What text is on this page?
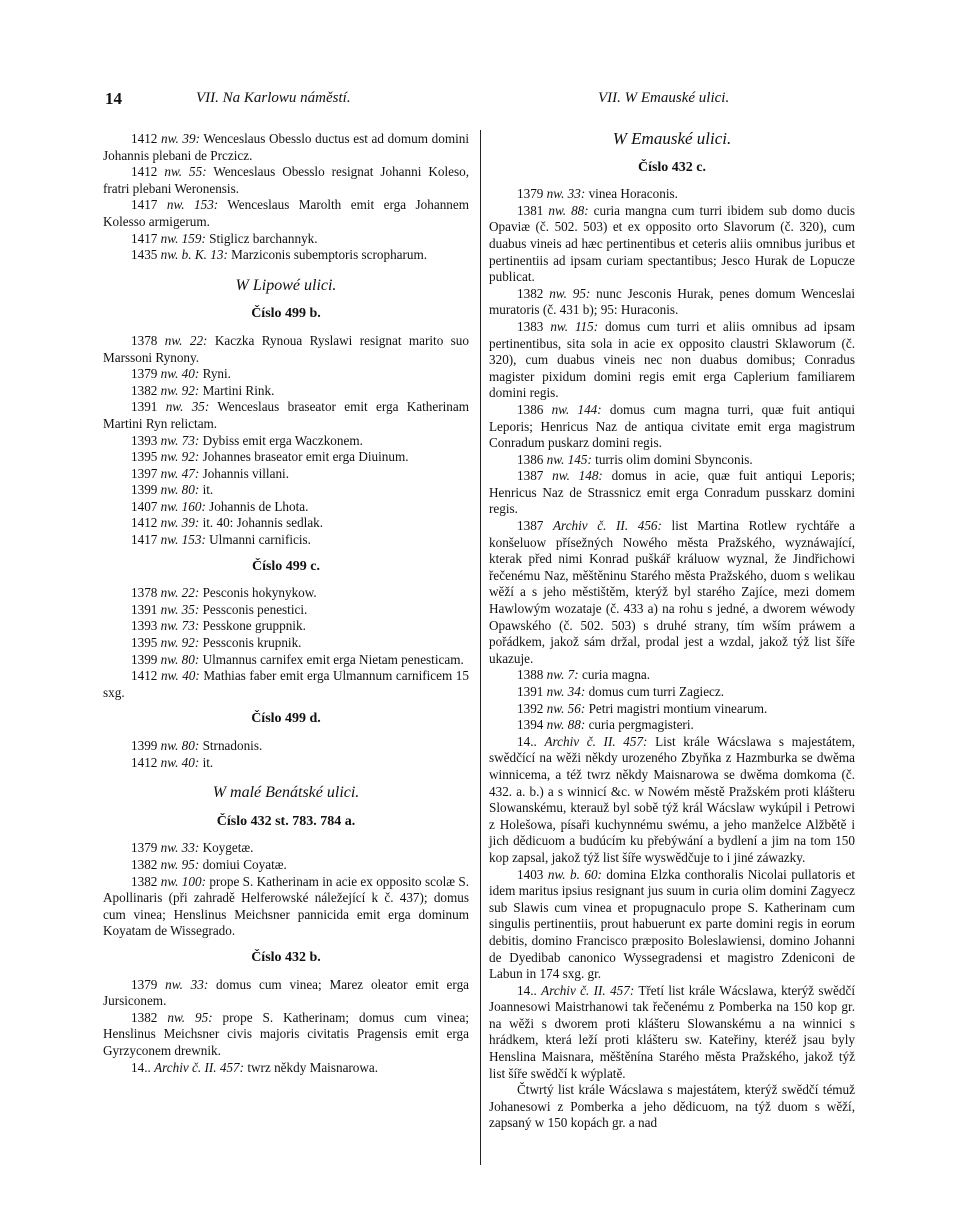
14	VII. Na Karlowu náměstí.	VII. W Emauské ulici.

1412 nw. 39: Wenceslaus Obesslo ductus est ad domum domini Johannis plebani de Prczicz.

1412 nw. 55: Wenceslaus Obesslo resignat Johanni Koleso, fratri plebani Weronensis.

1417 nw. 153: Wenceslaus Marolth emit erga Johannem Kolesso armigerum.

1417 nw. 159: Stiglicz barchannyk.

1435 nw. b. K. 13: Marziconis subemptoris scropharum.

W Lipowé ulici.
Číslo 499 b.

1378 nw. 22: Kaczka Rynoua Ryslawi resignat marito suo Marssoni Rynony.

1379 nw. 40: Ryni.

1382 nw. 92: Martini Rink.

1391 nw. 35: Wenceslaus braseator emit erga Katherinam Martini Ryn relictam.

1393 nw. 73: Dybiss emit erga Waczkonem.

1395 nw. 92: Johannes braseator emit erga Diuinum.

1397 nw. 47: Johannis villani.

1399 nw. 80: it.

1407 nw. 160: Johannis de Lhota.

1412 nw. 39: it. 40: Johannis sedlak.

1417 nw. 153: Ulmanni carnificis.

Číslo 499 c.

1378 nw. 22: Pesconis hokynykow.

1391 nw. 35: Pessconis penestici.

1393 nw. 73: Pesskone gruppnik.

1395 nw. 92: Pessconis krupnik.

1399 nw. 80: Ulmannus carnifex emit erga Nietam penesticam.

1412 nw. 40: Mathias faber emit erga Ulmannum carnificem 15 sxg.

Číslo 499 d.

1399 nw. 80: Strnadonis.

1412 nw. 40: it.

W malé Benátské ulici.
Číslo 432 st. 783. 784 a.

1379 nw. 33: Koygetæ.

1382 nw. 95: domiui Coyatæ.

1382 nw. 100: prope S. Katherinam in acie ex opposito scolæ S. Apollinaris (při zahradě Helferowské náležející k č. 437); domus cum vinea; Henslinus Meichsner pannicida emit erga dominum Koyatam de Wissegrado.

Číslo 432 b.

1379 nw. 33: domus cum vinea; Marez oleator emit erga Jursiconem.

1382 nw. 95: prope S. Katherinam; domus cum vinea; Henslinus Meichsner civis majoris civitatis Pragensis emit erga Gyrzyconem drewnik.

14.. Archiv č. II. 457: twrz někdy Maisnarowa.

W Emauské ulici.
Číslo 432 c.

1379 nw. 33: vinea Horaconis.

1381 nw. 88: curia mangna cum turri ibidem sub domo ducis Opaviæ (č. 502. 503) et ex opposito orto Slavorum (č. 320), cum duabus vineis ad hæc pertinentibus et ceteris aliis omnibus juribus et pertinentiis ad ipsam curiam spectantibus; Jesco Hurak de Lopucze publicat.

1382 nw. 95: nunc Jesconis Hurak, penes domum Wenceslai muratoris (č. 431 b); 95: Huraconis.

1383 nw. 115: domus cum turri et aliis omnibus ad ipsam pertinentibus, sita sola in acie ex opposito claustri Sklaworum (č. 320), cum duabus vineis nec non duabus domibus; Conradus magister pixidum domini regis emit erga Caplerium familiarem domini regis.

1386 nw. 144: domus cum magna turri, quæ fuit antiqui Leporis; Henricus Naz de antiqua civitate emit erga magistrum Conradum puskarz domini regis.

1386 nw. 145: turris olim domini Sbynconis.

1387 nw. 148: domus in acie, quæ fuit antiqui Leporis; Henricus Naz de Strassnicz emit erga Conradum pusskarz domini regis.

1387 Archiv č. II. 456: list Martina Rotlew rychtáře a konšeluow přísežných Nowého města Pražského, wyznáwající, kterak před nimi Konrad puškář králuow wyznal, že Jindřichowi řečenému Naz, měštěninu Starého města Pražského, duom s welikau wěží a s jeho městištěm, kterýž byl starého Zajíce, mezi domem Hawlowým wozataje (č. 433 a) na rohu s jedné, a dworem wéwody Opawského (č. 502. 503) s druhé strany, tím wším práwem a pořádkem, jakož sám držal, prodal jest a wzdal, jakož týž list šíře ukazuje.

1388 nw. 7: curia magna.

1391 nw. 34: domus cum turri Zagiecz.

1392 nw. 56: Petri magistri montium vinearum.

1394 nw. 88: curia pergmagisteri.

14.. Archiv č. II. 457: List krále Wácslawa s majestátem, swědčící na wěži někdy urozeného Zbyňka z Hazmburka se dwěma winnicema, a též twrz někdy Maisnarowa se dwěma domkoma (č. 432. a. b.) a s winnicí &c. w Nowém městě Pražském proti klášteru Slowanskému, kterauž byl sobě týž král Wácslaw wykúpil i Petrowi z Holešowa, písaři kuchynnému swému, a jeho manželce Alžbětě i jich dědicuom a budúcím ku přebýwání a bydlení a jim na tom 150 kop zapsal, jakož týž list šíře wyswědčuje to i jiné záwazky.

1403 nw. b. 60: domina Elzka conthoralis Nicolai pullatoris et idem maritus ipsius resignant jus suum in curia olim domini Zagyecz sub Slawis cum vinea et propugnaculo prope S. Katherinam cum singulis pertinentiis, prout habuerunt ex parte domini regis in eorum debitis, domino Francisco præposito Boleslawiensi, domino Johanni de Dyedibab canonico Wyssegradensi et magistro Zdeniconi de Labun in 174 sxg. gr.

14.. Archiv č. II. 457: Třetí list krále Wácslawa, kterýž swědčí Joannesowi Maistrhanowi tak řečenému z Pomberka na 150 kop gr. na wěži s dworem proti klášteru Slowanskému a na winnici s hrádkem, která leží proti klášteru sw. Kateřiny, kteréž jsau byly Henslina Maisnara, měštěnína Starého města Pražského, jakož týž list šíře swědčí k wýplatě.

Čtwrtý list krále Wácslawa s majestátem, kterýž swědčí témuž Johanesowi z Pomberka a jeho dědicuom, na týž duom s wěží, zapsaný w 150 kopách gr. a nad
